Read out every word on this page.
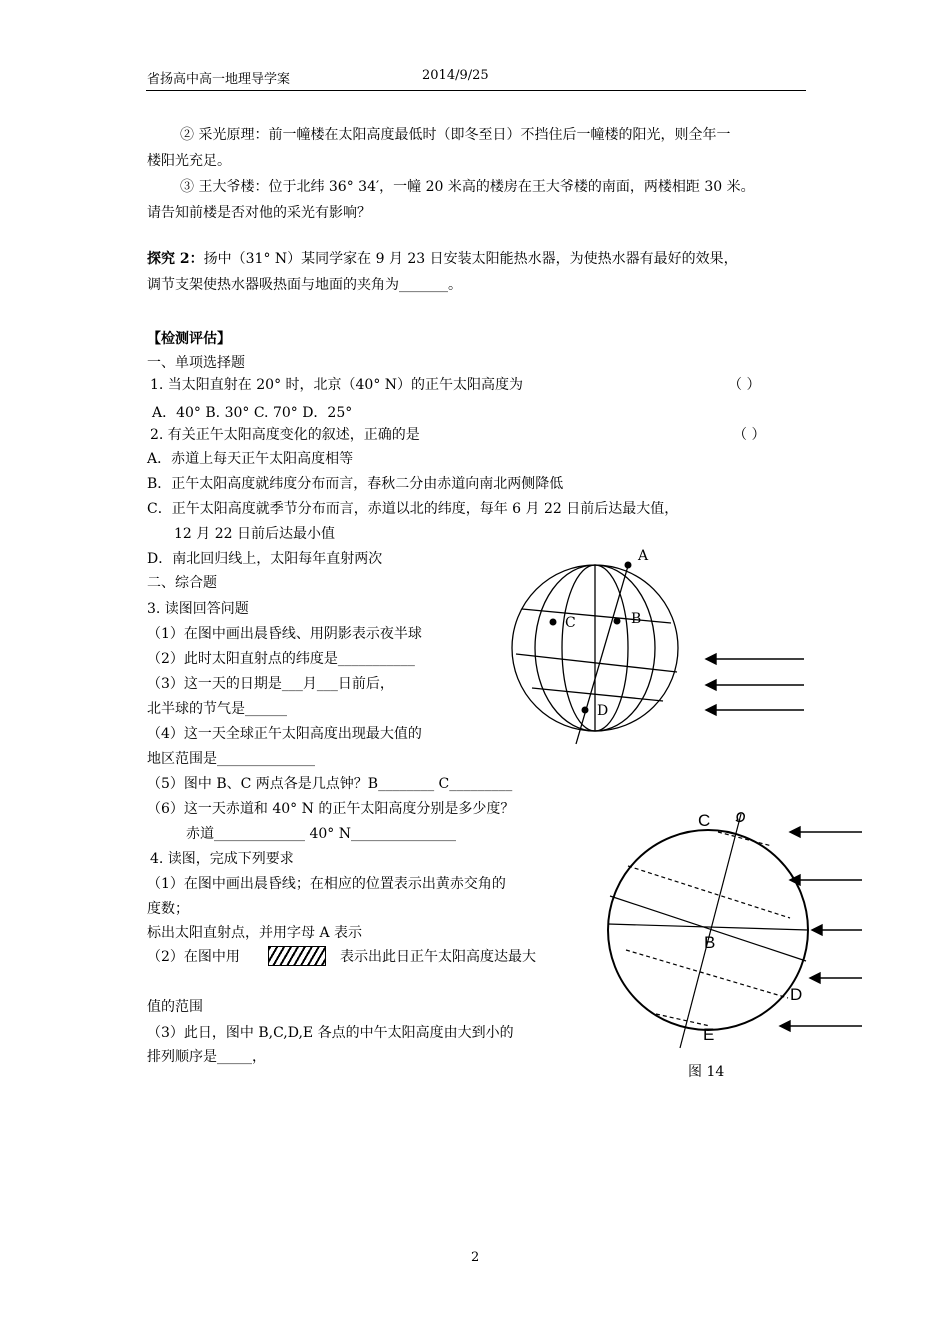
省扬高中高一地理导学案	2014/9/25
② 采光原理：前一幢楼在太阳高度最低时（即冬至日）不挡住后一幢楼的阳光，则全年一
楼阳光充足。
③ 王大爷楼：位于北纬 36° 34′，一幢 20 米高的楼房在王大爷楼的南面，两楼相距 30 米。
请告知前楼是否对他的采光有影响？
探究 2：扬中（31° N）某同学家在 9 月 23 日安装太阳能热水器，为使热水器有最好的效果，
调节支架使热水器吸热面与地面的夹角为_______。
【检测评估】
一、单项选择题
1. 当太阳直射在 20° 时，北京（40° N）的正午太阳高度为	（ ）
A．40° B. 30° C. 70° D．25°
2. 有关正午太阳高度变化的叙述，正确的是	（ ）
A．赤道上每天正午太阳高度相等
B．正午太阳高度就纬度分布而言，春秋二分由赤道向南北两侧降低
C．正午太阳高度就季节分布而言，赤道以北的纬度，每年 6 月 22 日前后达最大值，
12 月 22 日前后达最小值
D．南北回归线上，太阳每年直射两次
二、综合题
3. 读图回答问题
（1）在图中画出晨昏线、用阴影表示夜半球
（2）此时太阳直射点的纬度是___________
（3）这一天的日期是___月___日前后，
北半球的节气是______
（4）这一天全球正午太阳高度出现最大值的
地区范围是______________
（5）图中 B、C 两点各是几点钟？B________ C_________
（6）这一天赤道和 40° N 的正午太阳高度分别是多少度？
赤道_____________ 40° N_______________
4. 读图，完成下列要求
（1）在图中画出晨昏线；在相应的位置表示出黄赤交角的
度数；
标出太阳直射点，并用字母 A 表示
（2）在图中用	表示出此日正午太阳高度达最大
值的范围
（3）此日，图中 B,C,D,E 各点的中午太阳高度由大到小的
排列顺序是_____，
A
B
C
D
C
B
D
E
图 14
2
